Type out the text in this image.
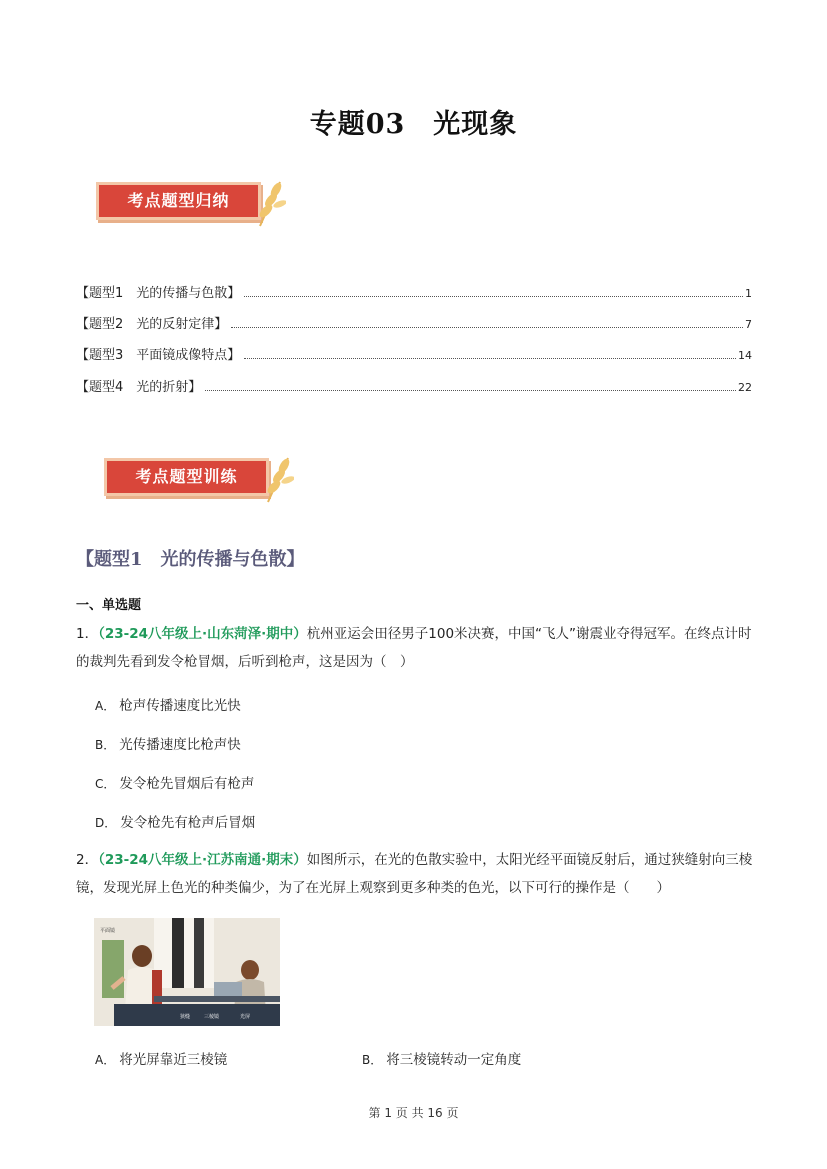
专题03　光现象
考点题型归纳
【题型1　光的传播与色散】	1
【题型2　光的反射定律】	7
【题型3　平面镜成像特点】	14
【题型4　光的折射】	22
考点题型训练
【题型1　光的传播与色散】
一、单选题
1．（23-24八年级上·山东菏泽·期中）杭州亚运会田径男子100米决赛，中国“飞人”谢震业夺得冠军。在终点计时的裁判先看到发令枪冒烟，后听到枪声，这是因为（　）
A． 枪声传播速度比光快
B． 光传播速度比枪声快
C． 发令枪先冒烟后有枪声
D． 发令枪先有枪声后冒烟
2．（23-24八年级上·江苏南通·期末）如图所示，在光的色散实验中，太阳光经平面镜反射后，通过狭缝射向三棱镜，发现光屏上色光的种类偏少，为了在光屏上观察到更多种类的色光，以下可行的操作是（　　）
平面镜
狭缝	三棱镜	光屏
A． 将光屏靠近三棱镜	B． 将三棱镜转动一定角度
第 1 页 共 16 页
